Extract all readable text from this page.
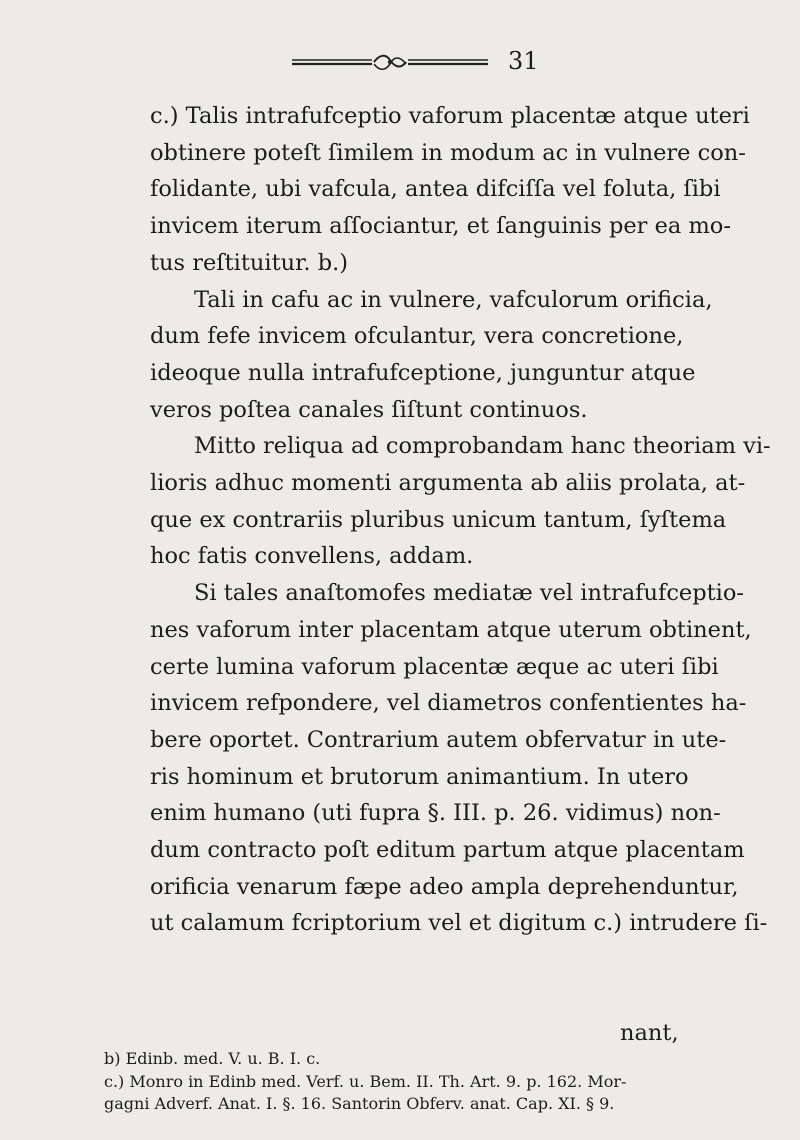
31
c.) Talis intrafufceptio vaforum placentæ atque uteri
obtinere poteſt ſimilem in modum ac in vulnere con-
folidante, ubi vafcula, antea difciſſa vel foluta, ſibi
invicem iterum aſſociantur, et ſanguinis per ea mo-
tus reſtituitur. b.)
Tali in cafu ac in vulnere, vafculorum orificia,
dum fefe invicem ofculantur, vera concretione,
ideoque nulla intrafufceptione, junguntur atque
veros poſtea canales ſiſtunt continuos.
Mitto reliqua ad comprobandam hanc theoriam vi-
lioris adhuc momenti argumenta ab aliis prolata, at-
que ex contrariis pluribus unicum tantum, ſyſtema
hoc fatis convellens, addam.
Si tales anaſtomofes mediatæ vel intrafufceptio-
nes vaforum inter placentam atque uterum obtinent,
certe lumina vaforum placentæ æque ac uteri ſibi
invicem refpondere, vel diametros confentientes ha-
bere oportet. Contrarium autem obfervatur in ute-
ris hominum et brutorum animantium. In utero
enim humano (uti fupra §. III. p. 26. vidimus) non-
dum contracto poſt editum partum atque placentam
orificia venarum fæpe adeo ampla deprehenduntur,
ut calamum fcriptorium vel et digitum c.) intrudere ſi-
nant,
b) Edinb. med. V. u. B. I. c.
c.) Monro in Edinb med. Verf. u. Bem. II. Th. Art. 9. p. 162. Mor-
gagni Adverf. Anat. I. §. 16. Santorin Obferv. anat. Cap. XI. § 9.
